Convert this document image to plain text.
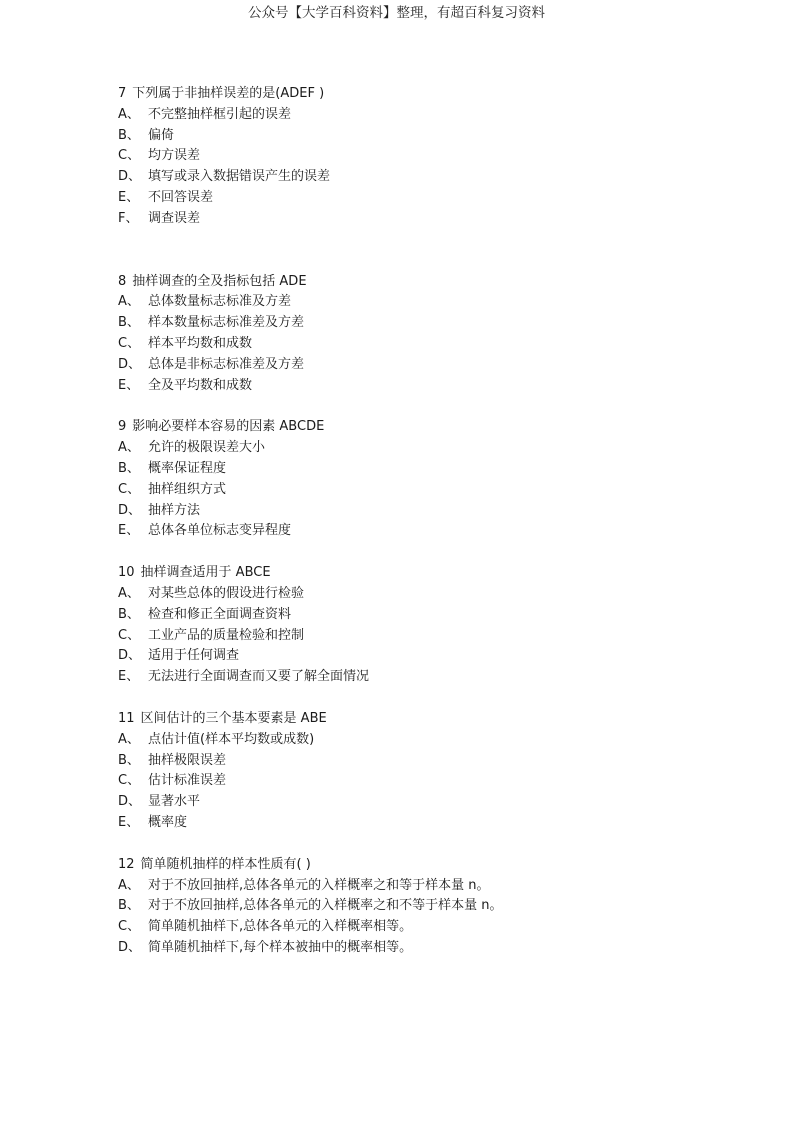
公众号【大学百科资料】整理，有超百科复习资料
7 下列属于非抽样误差的是(ADEF )
A、 不完整抽样框引起的误差
B、 偏倚
C、 均方误差
D、 填写或录入数据错误产生的误差
E、 不回答误差
F、 调查误差
8 抽样调查的全及指标包括 ADE
A、 总体数量标志标准及方差
B、 样本数量标志标准差及方差
C、 样本平均数和成数
D、 总体是非标志标准差及方差
E、 全及平均数和成数
9 影响必要样本容易的因素 ABCDE
A、 允许的极限误差大小
B、 概率保证程度
C、 抽样组织方式
D、 抽样方法
E、 总体各单位标志变异程度
10 抽样调查适用于 ABCE
A、 对某些总体的假设进行检验
B、 检查和修正全面调查资料
C、 工业产品的质量检验和控制
D、 适用于任何调查
E、 无法进行全面调查而又要了解全面情况
11 区间估计的三个基本要素是 ABE
A、 点估计值(样本平均数或成数)
B、 抽样极限误差
C、 估计标准误差
D、 显著水平
E、 概率度
12 简单随机抽样的样本性质有( )
A、 对于不放回抽样,总体各单元的入样概率之和等于样本量 n。
B、 对于不放回抽样,总体各单元的入样概率之和不等于样本量 n。
C、 简单随机抽样下,总体各单元的入样概率相等。
D、 简单随机抽样下,每个样本被抽中的概率相等。
